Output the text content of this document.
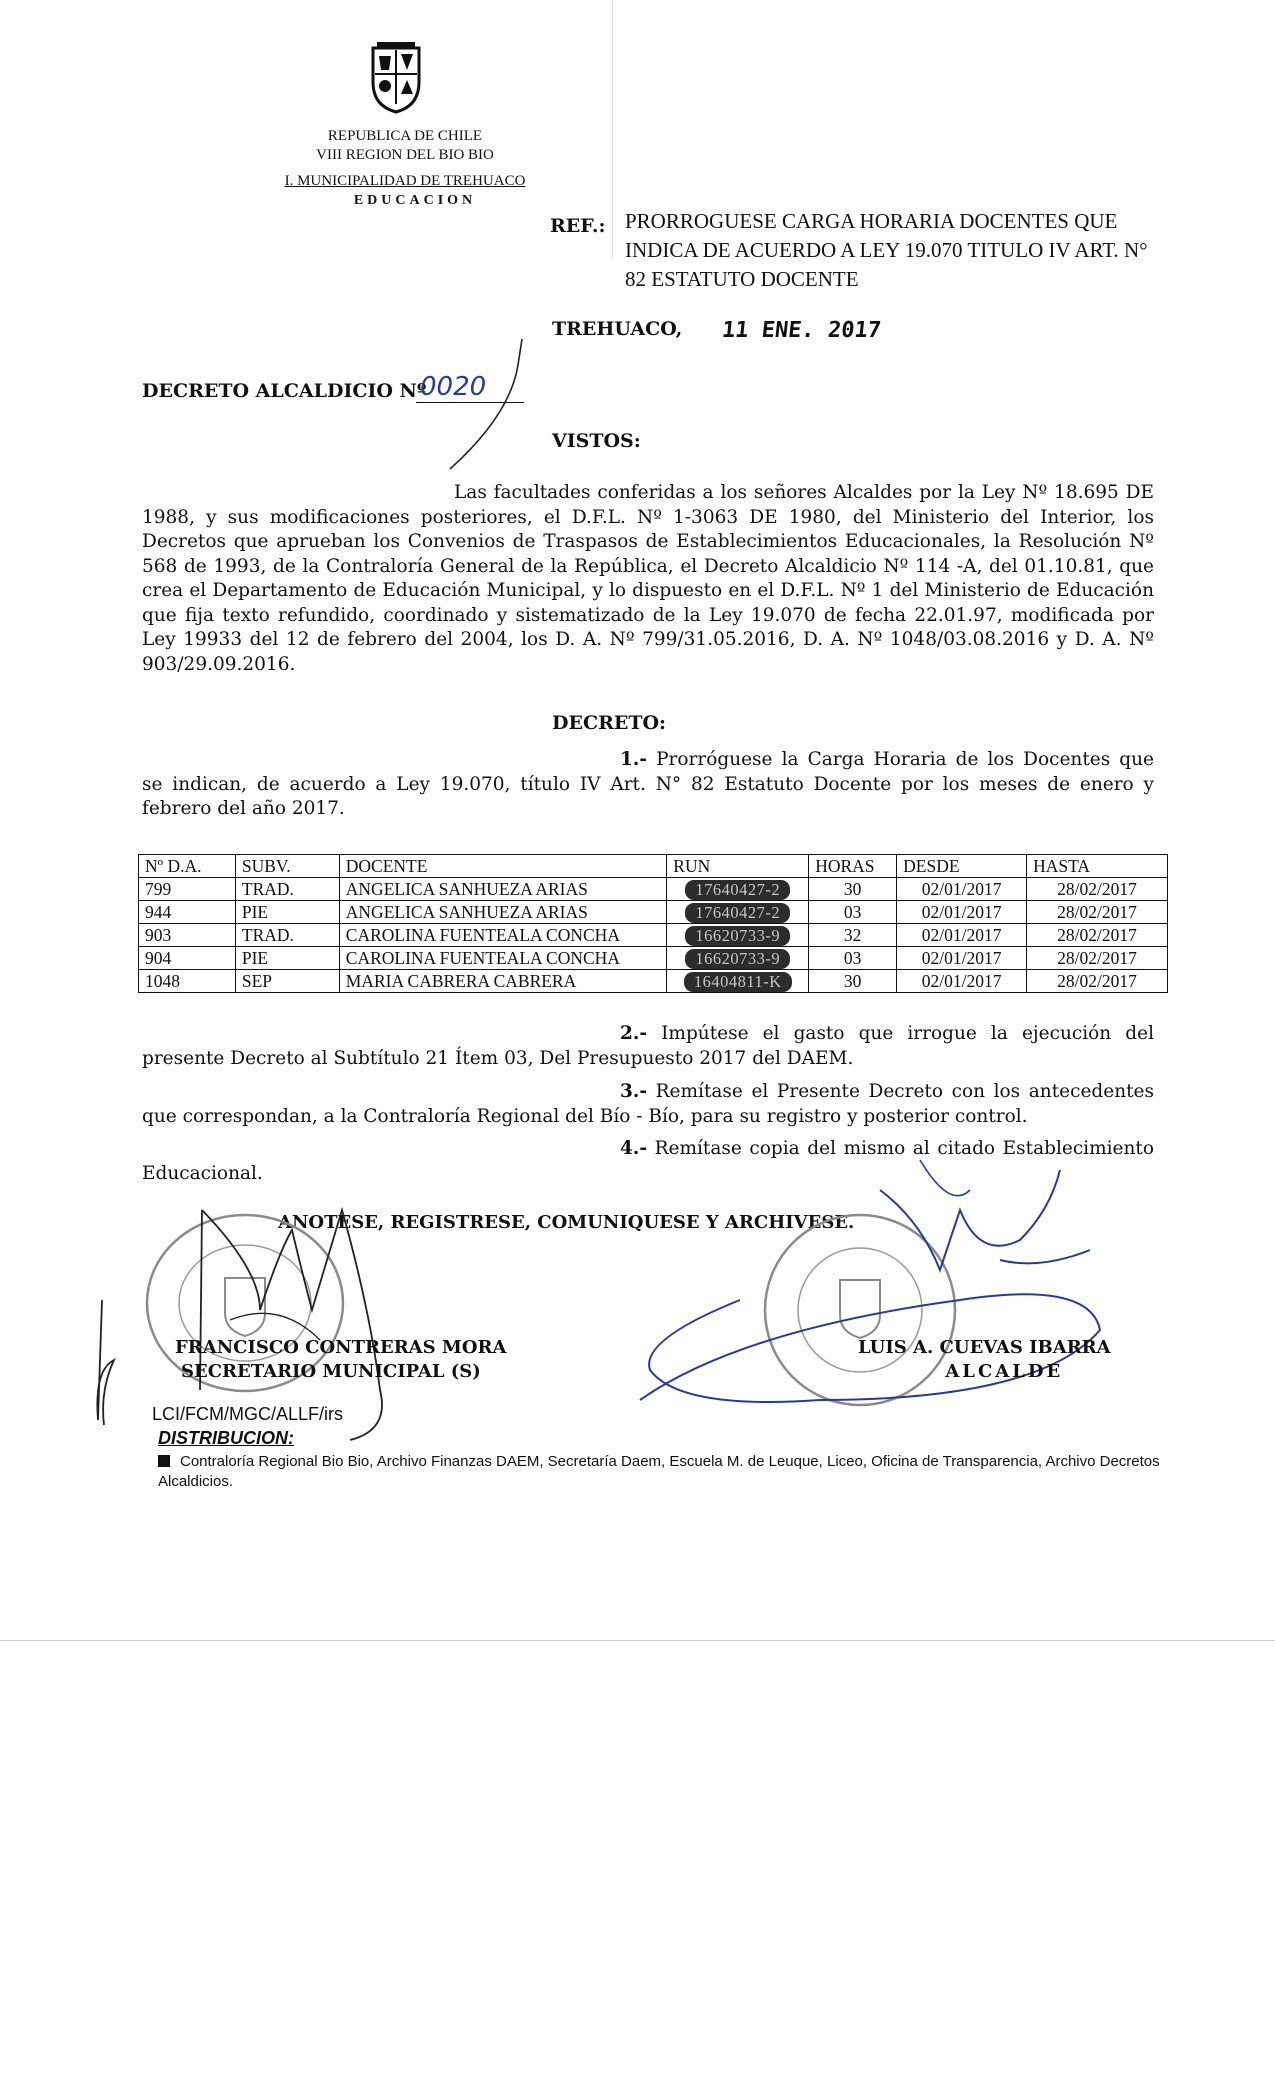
REPUBLICA DE CHILE
VIII REGION DEL BIO BIO
I. MUNICIPALIDAD DE TREHUACO
EDUCACION
REF.: PRORROGUESE CARGA HORARIA DOCENTES QUE INDICA DE ACUERDO A LEY 19.070 TITULO IV ART. N° 82 ESTATUTO DOCENTE
TREHUACO, 11 ENE. 2017
DECRETO ALCALDICIO Nº
0020
VISTOS:
Las facultades conferidas a los señores Alcaldes por la Ley Nº 18.695 DE 1988, y sus modificaciones posteriores, el D.F.L. Nº 1-3063 DE 1980, del Ministerio del Interior, los Decretos que aprueban los Convenios de Traspasos de Establecimientos Educacionales, la Resolución Nº 568 de 1993, de la Contraloría General de la República, el Decreto Alcaldicio Nº 114 -A, del 01.10.81, que crea el Departamento de Educación Municipal, y lo dispuesto en el D.F.L. Nº 1 del Ministerio de Educación que fija texto refundido, coordinado y sistematizado de la Ley 19.070 de fecha 22.01.97, modificada por Ley 19933 del 12 de febrero del 2004, los D. A. Nº 799/31.05.2016, D. A. Nº 1048/03.08.2016 y D. A. Nº 903/29.09.2016.
DECRETO:
1.- Prorróguese la Carga Horaria de los Docentes que se indican, de acuerdo a Ley 19.070, título IV Art. N° 82 Estatuto Docente por los meses de enero y febrero del año 2017.
Nº D.A.	SUBV.	DOCENTE	RUN	HORAS	DESDE	HASTA
799	TRAD.	ANGELICA SANHUEZA ARIAS	17640427-2	30	02/01/2017	28/02/2017
944	PIE	ANGELICA SANHUEZA ARIAS	17640427-2	03	02/01/2017	28/02/2017
903	TRAD.	CAROLINA FUENTEALA CONCHA	16620733-9	32	02/01/2017	28/02/2017
904	PIE	CAROLINA FUENTEALA CONCHA	16620733-9	03	02/01/2017	28/02/2017
1048	SEP	MARIA CABRERA CABRERA	16404811-K	30	02/01/2017	28/02/2017
2.- Impútese el gasto que irrogue la ejecución del presente Decreto al Subtítulo 21 Ítem 03, Del Presupuesto 2017 del DAEM.
3.- Remítase el Presente Decreto con los antecedentes que correspondan, a la Contraloría Regional del Bío - Bío, para su registro y posterior control.
4.- Remítase copia del mismo al citado Establecimiento Educacional.
ANOTESE, REGISTRESE, COMUNIQUESE Y ARCHIVESE.
FRANCISCO CONTRERAS MORA
SECRETARIO MUNICIPAL (S)
LUIS A. CUEVAS IBARRA
ALCALDE
LCI/FCM/MGC/ALLF/irs
DISTRIBUCION:
Contraloría Regional Bio Bio, Archivo Finanzas DAEM, Secretaría Daem, Escuela M. de Leuque, Liceo, Oficina de Transparencia, Archivo Decretos Alcaldicios.
